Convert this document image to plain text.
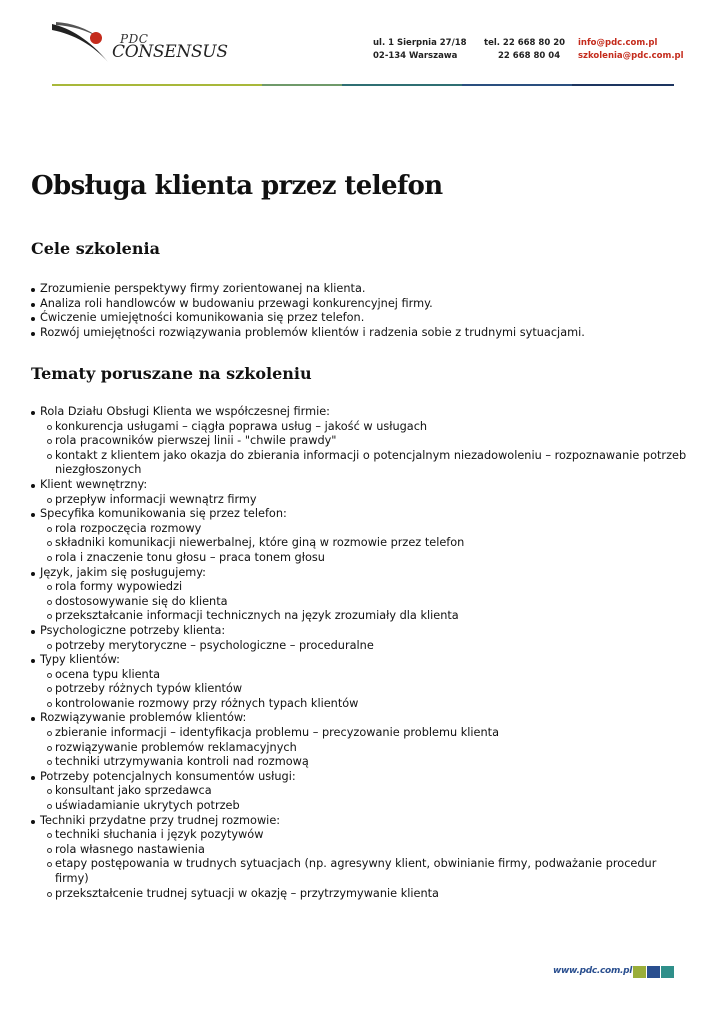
PDC
CONSENSUS	ul. 1 Sierpnia 27/18
02-134 Warszawa
tel. 22 668 80 20
22 668 80 04
info@pdc.com.pl
szkolenia@pdc.com.pl
Obsługa klienta przez telefon
Cele szkolenia
Zrozumienie perspektywy firmy zorientowanej na klienta.
Analiza roli handlowców w budowaniu przewagi konkurencyjnej firmy.
Ćwiczenie umiejętności komunikowania się przez telefon.
Rozwój umiejętności rozwiązywania problemów klientów i radzenia sobie z trudnymi sytuacjami.
Tematy poruszane na szkoleniu
Rola Działu Obsługi Klienta we współczesnej firmie:
konkurencja usługami – ciągła poprawa usług – jakość w usługach
rola pracowników pierwszej linii - "chwile prawdy"
kontakt z klientem jako okazja do zbierania informacji o potencjalnym niezadowoleniu – rozpoznawanie potrzeb niezgłoszonych
Klient wewnętrzny:
przepływ informacji wewnątrz firmy
Specyfika komunikowania się przez telefon:
rola rozpoczęcia rozmowy
składniki komunikacji niewerbalnej, które giną w rozmowie przez telefon
rola i znaczenie tonu głosu – praca tonem głosu
Język, jakim się posługujemy:
rola formy wypowiedzi
dostosowywanie się do klienta
przekształcanie informacji technicznych na język zrozumiały dla klienta
Psychologiczne potrzeby klienta:
potrzeby merytoryczne – psychologiczne – proceduralne
Typy klientów:
ocena typu klienta
potrzeby różnych typów klientów
kontrolowanie rozmowy przy różnych typach klientów
Rozwiązywanie problemów klientów:
zbieranie informacji – identyfikacja problemu – precyzowanie problemu klienta
rozwiązywanie problemów reklamacyjnych
techniki utrzymywania kontroli nad rozmową
Potrzeby potencjalnych konsumentów usługi:
konsultant jako sprzedawca
uświadamianie ukrytych potrzeb
Techniki przydatne przy trudnej rozmowie:
techniki słuchania i język pozytywów
rola własnego nastawienia
etapy postępowania w trudnych sytuacjach (np. agresywny klient, obwinianie firmy, podważanie procedur firmy)
przekształcenie trudnej sytuacji w okazję – przytrzymywanie klienta
www.pdc.com.pl
